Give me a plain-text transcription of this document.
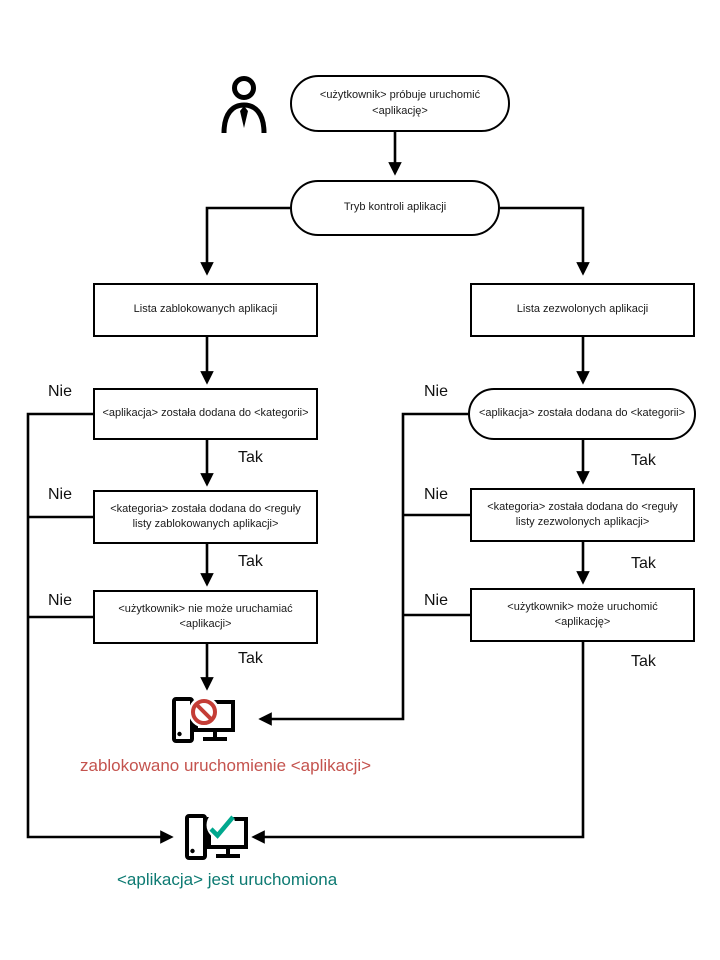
<użytkownik> próbuje uruchomić <aplikację>
Tryb kontroli aplikacji
Lista zablokowanych aplikacji	Lista zezwolonych aplikacji
<aplikacja> została dodana do <kategorii>	<aplikacja> została dodana do <kategorii>
<kategoria> została dodana do <reguły listy zablokowanych aplikacji>
<kategoria> została dodana do <reguły listy zezwolonych aplikacji>
<użytkownik> nie może uruchamiać <aplikacji>
<użytkownik> może uruchomić <aplikację>
Nie
Nie
Nie
Nie
Nie
Nie
Tak
Tak
Tak
Tak
Tak
Tak
zablokowano uruchomienie <aplikacji>
<aplikacja> jest uruchomiona
